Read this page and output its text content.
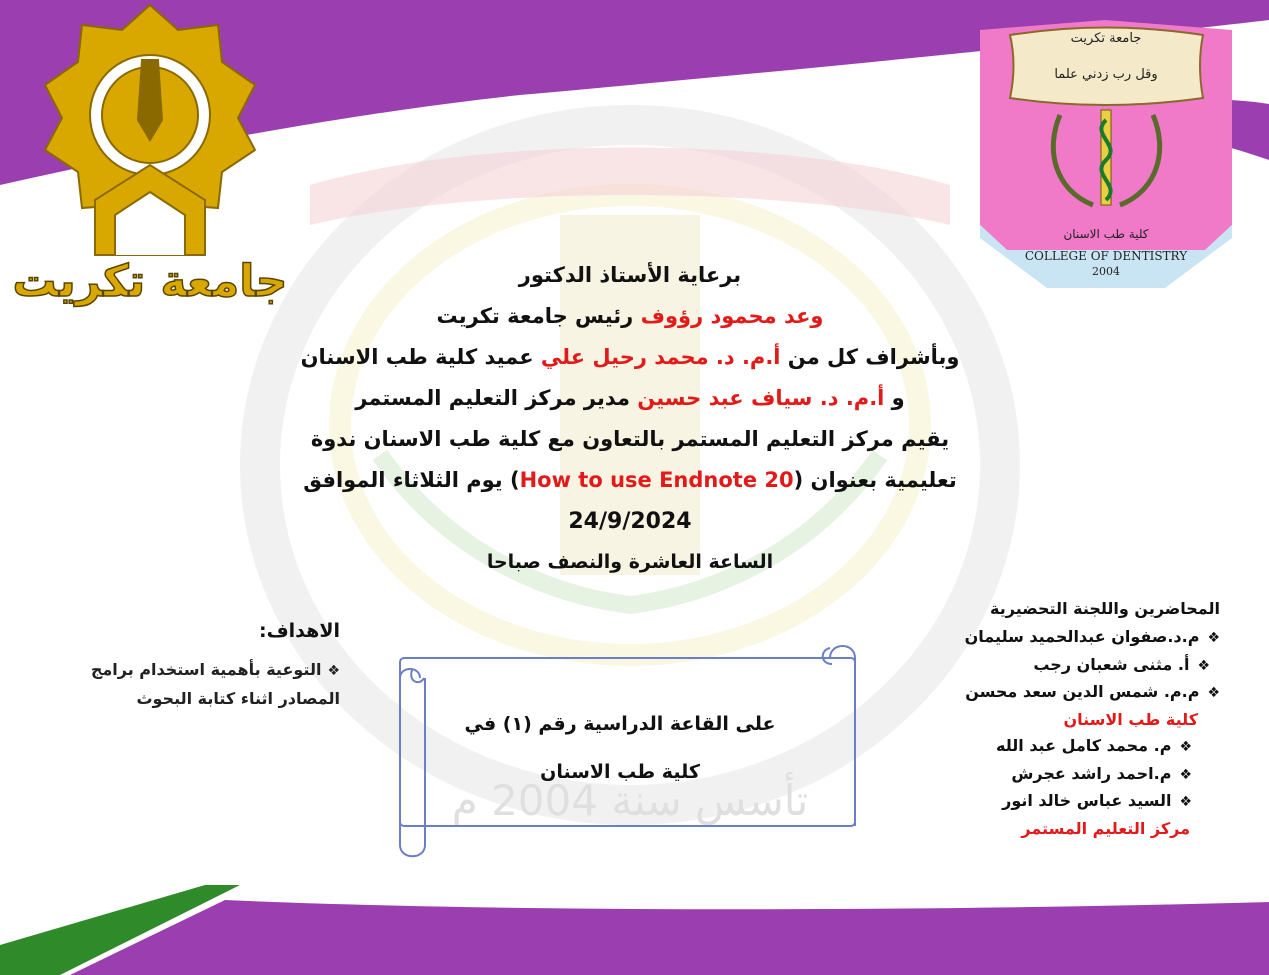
تأسس سنة 2004 م
جامعة تكريت
جامعة تكريت
وقل رب زدني علما
كلية طب الاسنان
COLLEGE OF DENTISTRY
2004
برعاية الأستاذ الدكتور
وعد محمود رؤوف رئيس جامعة تكريت
وبأشراف كل من أ.م. د. محمد رحيل علي عميد كلية طب الاسنان
و أ.م. د. سياف عبد حسين مدير مركز التعليم المستمر
يقيم مركز التعليم المستمر بالتعاون مع كلية طب الاسنان ندوة
تعليمية بعنوان (How to use Endnote 20) يوم الثلاثاء الموافق
24/9/2024
الساعة العاشرة والنصف صباحا
الاهداف:
❖التوعية بأهمية استخدام برامج المصادر اثناء كتابة البحوث
على القاعة الدراسية رقم (١) في
كلية طب الاسنان
المحاضرين واللجنة التحضيرية
❖م.د.صفوان عبدالحميد سليمان
❖أ. مثنى شعبان رجب
❖م.م. شمس الدين سعد محسن
كلية طب الاسنان
❖م. محمد كامل عبد الله
❖م.احمد راشد عجرش
❖السيد عباس خالد انور
مركز التعليم المستمر
